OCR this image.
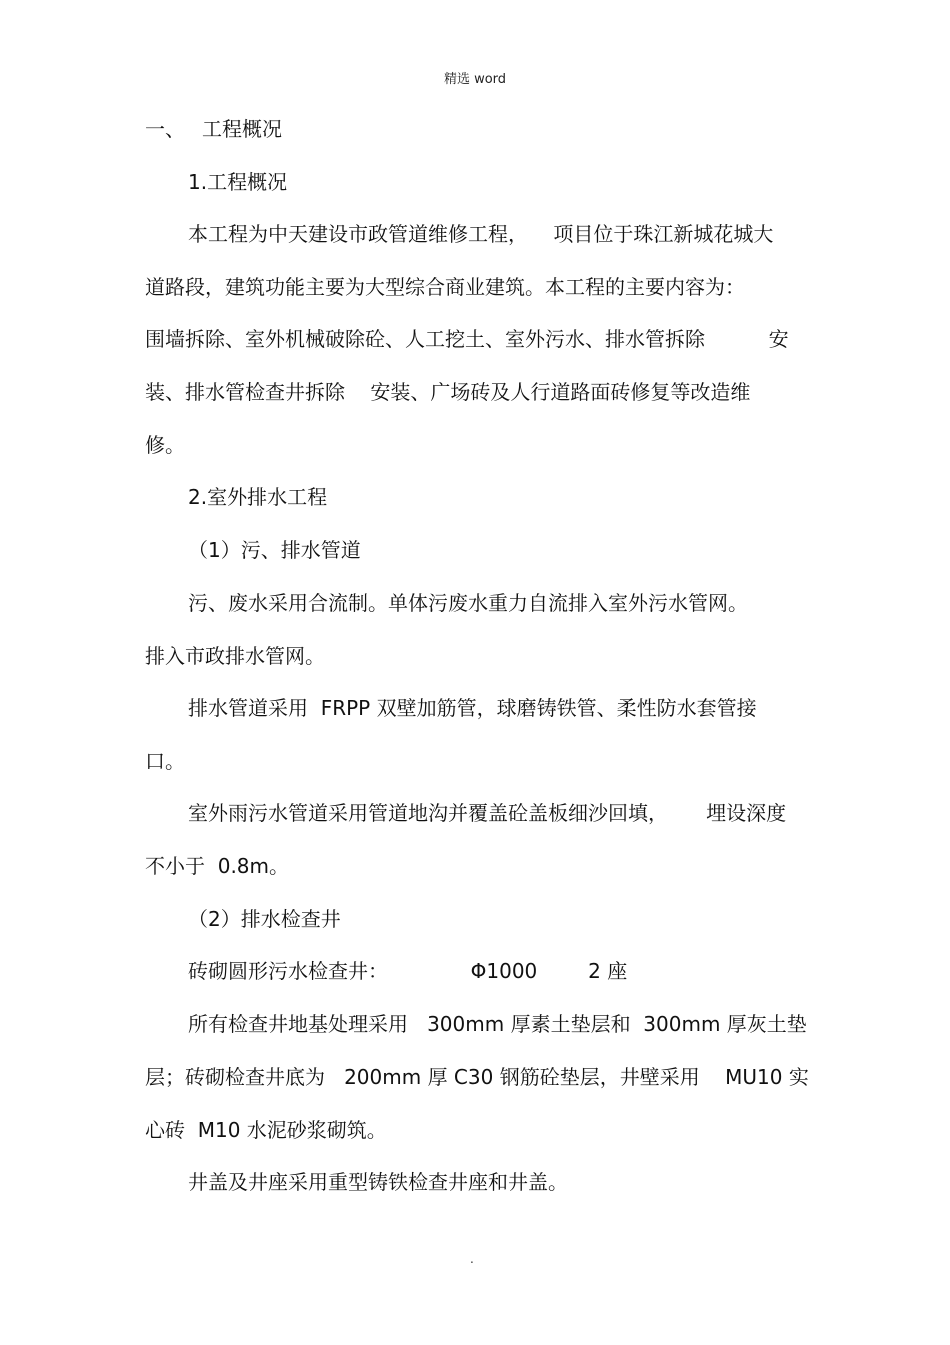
精选 word
一、 工程概况
1.工程概况
本工程为中天建设市政管道维修工程，    项目位于珠江新城花城大
道路段，建筑功能主要为大型综合商业建筑。本工程的主要内容为：
围墙拆除、室外机械破除砼、人工挖土、室外污水、排水管拆除          安
装、排水管检查井拆除    安装、广场砖及人行道路面砖修复等改造维
修。
2.室外排水工程
（1）污、排水管道
污、废水采用合流制。单体污废水重力自流排入室外污水管网。
排入市政排水管网。
排水管道采用  FRPP 双壁加筋管，球磨铸铁管、柔性防水套管接
口。
室外雨污水管道采用管道地沟并覆盖砼盖板细沙回填，      埋设深度
不小于  0.8m。
（2）排水检查井
砖砌圆形污水检查井：             Φ1000        2 座
所有检查井地基处理采用   300mm 厚素土垫层和  300mm 厚灰土垫
层；砖砌检查井底为   200mm 厚 C30 钢筋砼垫层，井壁采用    MU10 实
心砖  M10 水泥砂浆砌筑。
井盖及井座采用重型铸铁检查井座和井盖。
.
